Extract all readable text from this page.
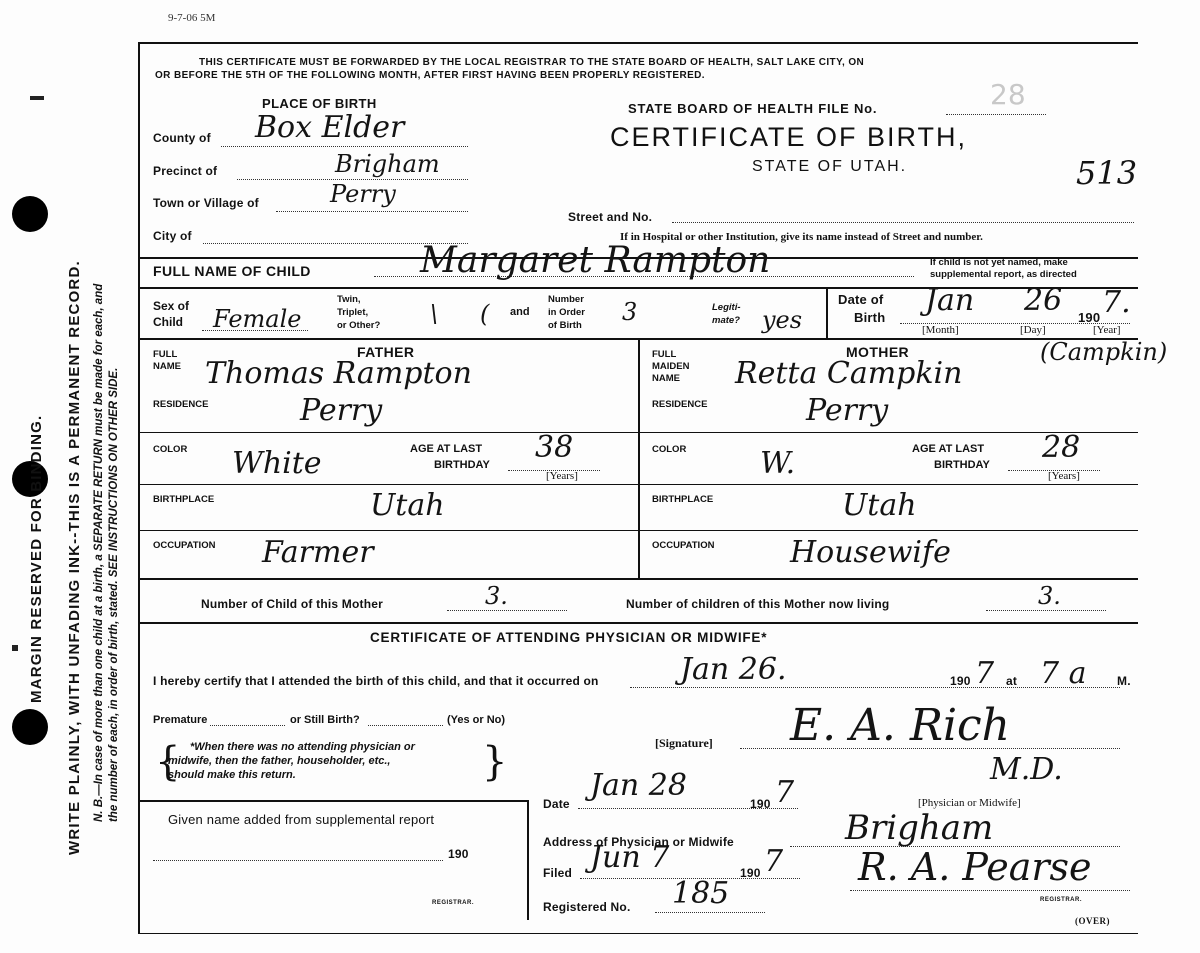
9-7-06 5M
MARGIN RESERVED FOR BINDING. WRITE PLAINLY, WITH UNFADING INK--THIS IS A PERMANENT RECORD. N. B.—In case of more than one child at a birth, a SEPARATE RETURN must be made for each, and the number of each, in order of birth, stated. SEE INSTRUCTIONS ON OTHER SIDE.
THIS CERTIFICATE MUST BE FORWARDED BY THE LOCAL REGISTRAR TO THE STATE BOARD OF HEALTH, SALT LAKE CITY, ON
OR BEFORE THE 5TH OF THE FOLLOWING MONTH, AFTER FIRST HAVING BEEN PROPERLY REGISTERED.
PLACE OF BIRTH
County of Box Elder
Precinct of	Brigham
Town or Village of	Perry
City of
STATE BOARD OF HEALTH FILE No.	28
CERTIFICATE OF BIRTH,
STATE OF UTAH.	513
Street and No.
If in Hospital or other Institution, give its name instead of Street and number.
FULL NAME OF CHILD	Margaret Rampton	If child is not yet named, make
supplemental report, as directed
Sex of
Child Female
Twin,
Triplet,
or Other? \ ( and
Number
in Order
of Birth 3	Legiti-
mate? yes
Date of
Birth Jan 26 190 7.
[Month]	[Day]	[Year]
FATHER
FULL
NAME Thomas Rampton
RESIDENCE	Perry
COLOR White	AGE AT LAST
BIRTHDAY 38
[Years]
BIRTHPLACE	Utah
OCCUPATION Farmer
MOTHER	(Campkin)
FULL
MAIDEN
NAME Retta Campkin
RESIDENCE	Perry
COLOR W.	AGE AT LAST
BIRTHDAY 28
[Years]
BIRTHPLACE	Utah
OCCUPATION	Housewife
Number of Child of this Mother	3.	Number of children of this Mother now living	3.
CERTIFICATE OF ATTENDING PHYSICIAN OR MIDWIFE*
I hereby certify that I attended the birth of this child, and that it occurred on	Jan 26.	190 7 at 7 a	M.
Premature	or Still Birth?	(Yes or No)
{	}
*When there was no attending physician or
midwife, then the father, householder, etc.,
should make this return.
[Signature] E. A. Rich
M.D.
[Physician or Midwife]
Date
Jan 28
190 7
Address of Physician or Midwife	Brigham
Given name added from supplemental report
190
REGISTRAR.
Filed Jun 7	190 7
Registered No. 185
R. A. Pearse
REGISTRAR.
(OVER)
